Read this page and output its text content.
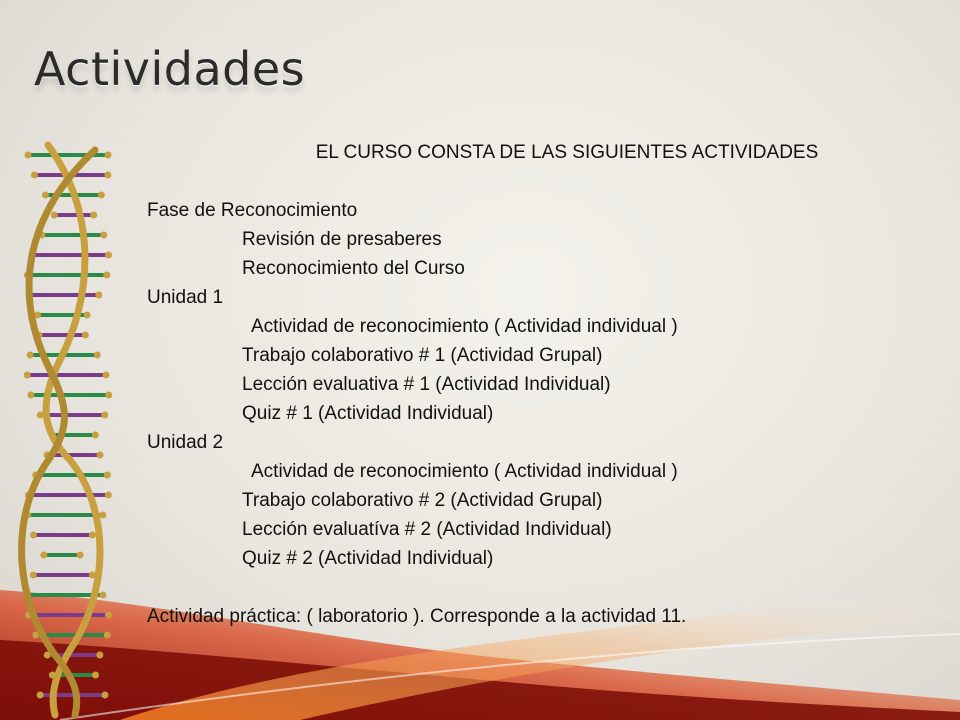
Actividades
EL CURSO CONSTA DE LAS SIGUIENTES ACTIVIDADES
Fase de Reconocimiento
Revisión de presaberes
Reconocimiento del Curso
Unidad 1
Actividad de reconocimiento ( Actividad individual )
Trabajo colaborativo # 1 (Actividad Grupal)
Lección evaluativa # 1 (Actividad Individual)
Quiz # 1 (Actividad Individual)
Unidad 2
Actividad de reconocimiento ( Actividad individual )
Trabajo colaborativo # 2 (Actividad Grupal)
Lección evaluatíva # 2 (Actividad Individual)
Quiz # 2 (Actividad Individual)
Actividad práctica: ( laboratorio ). Corresponde a la actividad 11.
